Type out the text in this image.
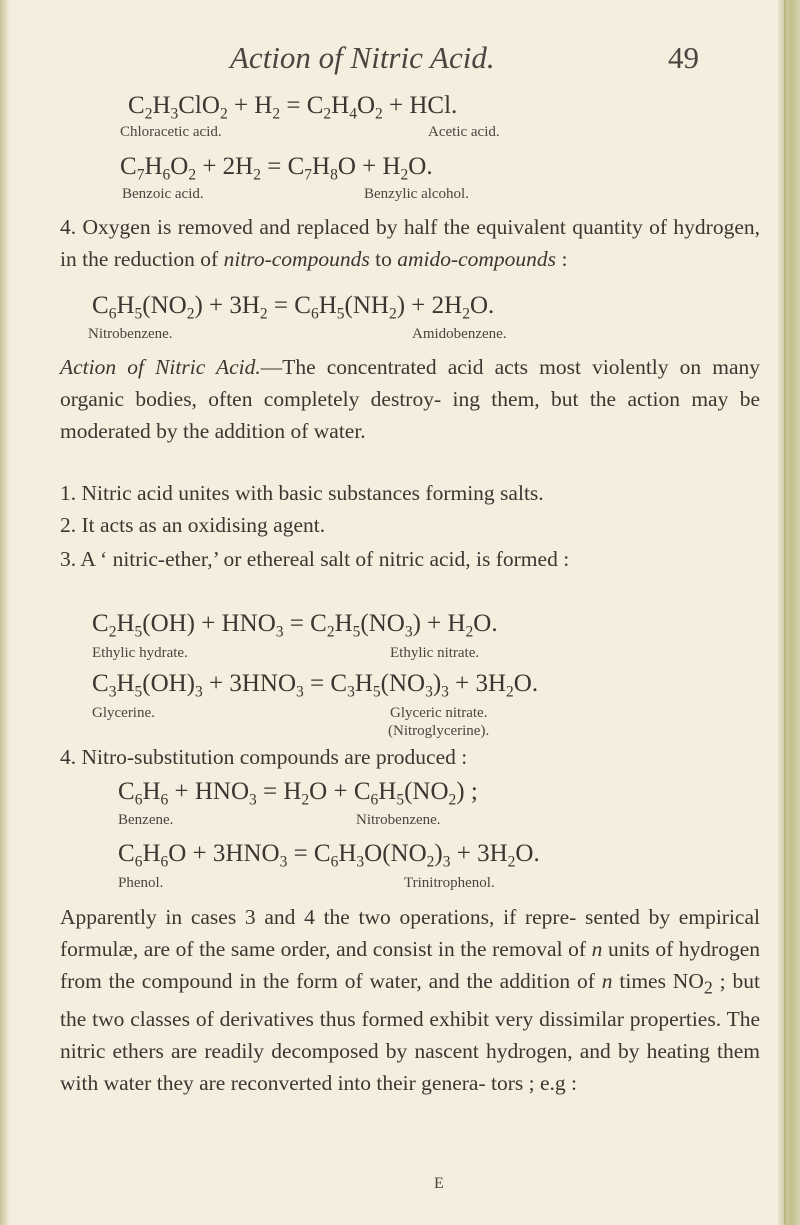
Action of Nitric Acid.	49
$C_2H_3ClO_2 + H_2 = C_2H_4O_2$ + HCl.
Chloracetic acid.	Acetic acid.
$C_7H_6O_2 + 2H_2 = C_7H_8O + H_2O$.
Benzoic acid.	Benzylic alcohol.
4. Oxygen is removed and replaced by half the equivalent quantity of hydrogen, in the reduction of nitro-compounds to amido-compounds :
$C_6H_5(NO_2) + 3H_2 = C_6H_5(NH_2) + 2H_2O$.
Nitrobenzene.	Amidobenzene.
Action of Nitric Acid.—The concentrated acid acts most violently on many organic bodies, often completely destroy- ing them, but the action may be moderated by the addition of water.
1. Nitric acid unites with basic substances forming salts.
2. It acts as an oxidising agent.
3. A ‘ nitric-ether,’ or ethereal salt of nitric acid, is formed :
$C_2H_5(OH) + HNO_3 = C_2H_5(NO_3) + H_2O$.
Ethylic hydrate.	Ethylic nitrate.
$C_3H_5(OH)_3 + 3HNO_3 = C_3H_5(NO_3)_3 + 3H_2O$.
Glycerine.	Glyceric nitrate.
(Nitroglycerine).
4. Nitro-substitution compounds are produced :
$C_6H_6 + HNO_3 = H_2O + C_6H_5(NO_2)$ ;
Benzene.	Nitrobenzene.
$C_6H_6O + 3HNO_3 = C_6H_3O(NO_2)_3 + 3H_2O$.
Phenol.	Trinitrophenol.
Apparently in cases 3 and 4 the two operations, if repre- sented by empirical formulæ, are of the same order, and consist in the removal of n units of hydrogen from the compound in the form of water, and the addition of n times $NO_2$ ; but the two classes of derivatives thus formed exhibit very dissimilar properties. The nitric ethers are readily decomposed by nascent hydrogen, and by heating them with water they are reconverted into their genera- tors ; e.g :
E
